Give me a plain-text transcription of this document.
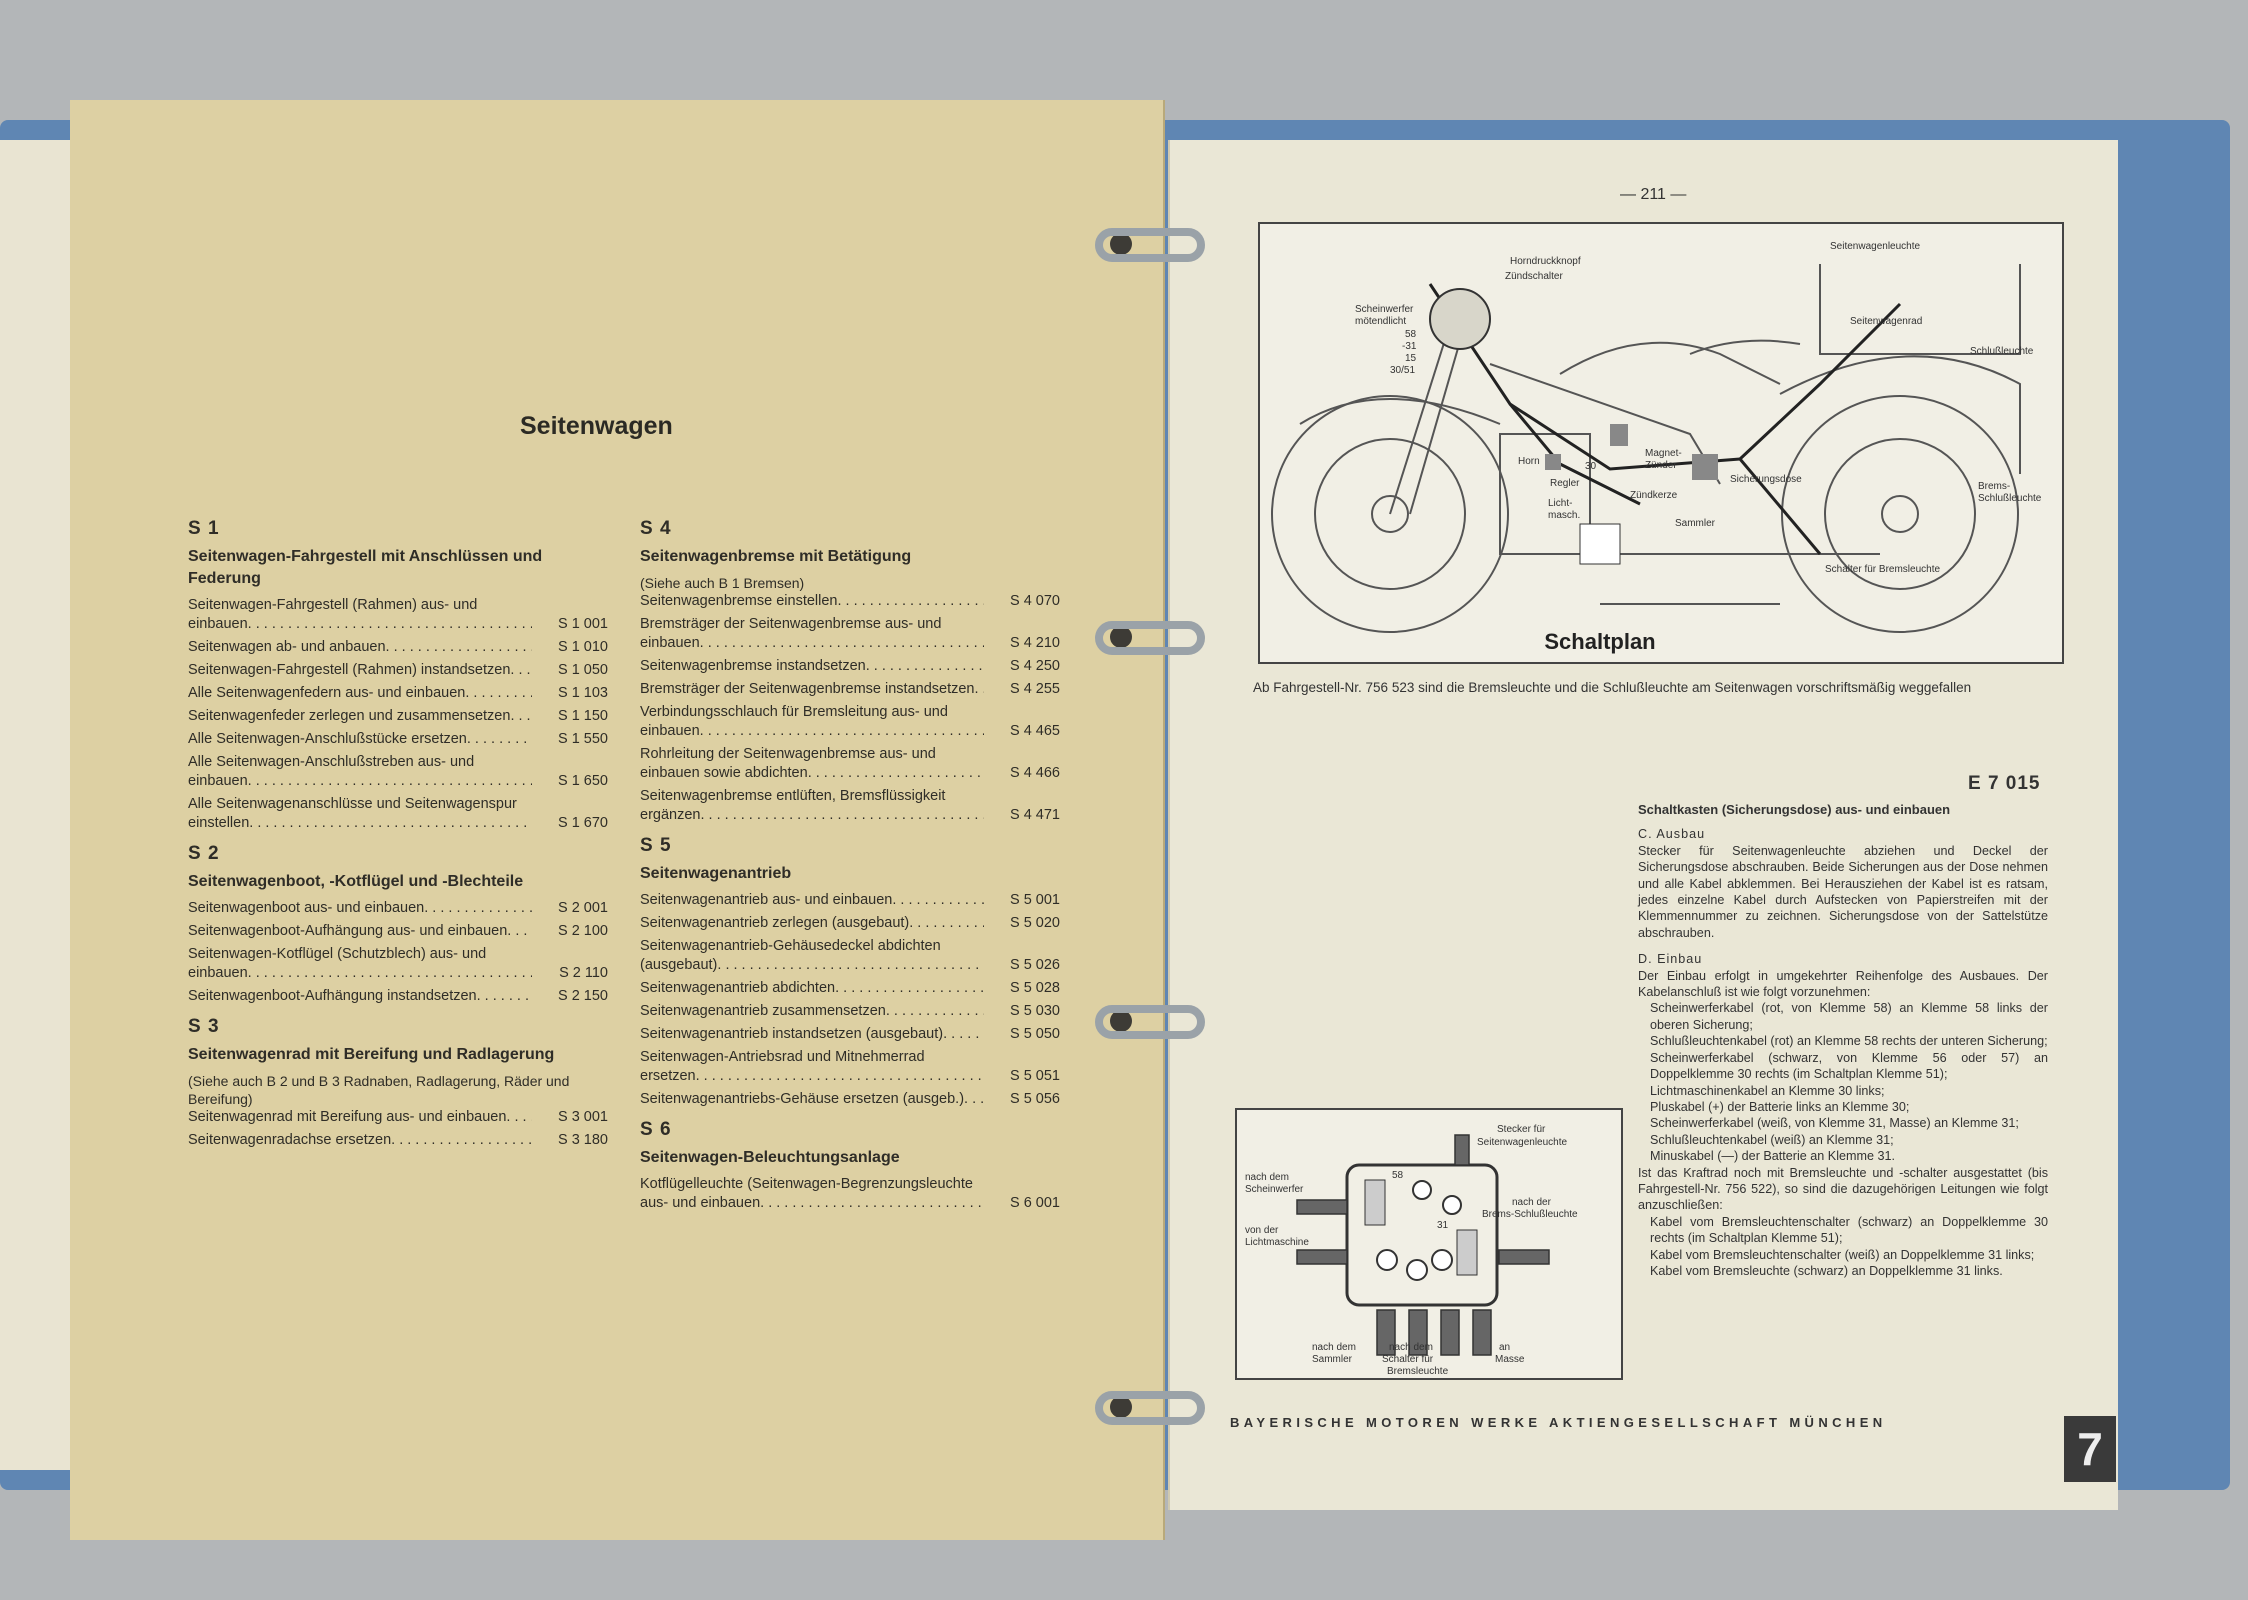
Seitenwagen
S 1
Seitenwagen-Fahrgestell mit Anschlüssen und Federung
Seitenwagen-Fahrgestell (Rahmen) aus- und einbauen . . .	S 1 001
Seitenwagen ab- und anbauen . . .	S 1 010
Seitenwagen-Fahrgestell (Rahmen) instandsetzen . . .	S 1 050
Alle Seitenwagenfedern aus- und einbauen . . .	S 1 103
Seitenwagenfeder zerlegen und zusammensetzen . . .	S 1 150
Alle Seitenwagen-Anschlußstücke ersetzen . . .	S 1 550
Alle Seitenwagen-Anschlußstreben aus- und einbauen . . .	S 1 650
Alle Seitenwagenanschlüsse und Seitenwagenspur einstellen . . .	S 1 670
S 2
Seitenwagenboot, -Kotflügel und -Blechteile
Seitenwagenboot aus- und einbauen . . .	S 2 001
Seitenwagenboot-Aufhängung aus- und einbauen . . .	S 2 100
Seitenwagen-Kotflügel (Schutzblech) aus- und einbauen . . .	S 2 110
Seitenwagenboot-Aufhängung instandsetzen . . .	S 2 150
S 3
Seitenwagenrad mit Bereifung und Radlagerung
(Siehe auch B 2 und B 3 Radnaben, Radlagerung, Räder und Bereifung)
Seitenwagenrad mit Bereifung aus- und einbauen . . .	S 3 001
Seitenwagenradachse ersetzen . . .	S 3 180
S 4
Seitenwagenbremse mit Betätigung
(Siehe auch B 1 Bremsen)
Seitenwagenbremse einstellen . . .	S 4 070
Bremsträger der Seitenwagenbremse aus- und einbauen . . .	S 4 210
Seitenwagenbremse instandsetzen . . .	S 4 250
Bremsträger der Seitenwagenbremse instandsetzen . . .	S 4 255
Verbindungsschlauch für Bremsleitung aus- und einbauen . . .	S 4 465
Rohrleitung der Seitenwagenbremse aus- und einbauen sowie abdichten . . .	S 4 466
Seitenwagenbremse entlüften, Bremsflüssigkeit ergänzen . . .	S 4 471
S 5
Seitenwagenantrieb
Seitenwagenantrieb aus- und einbauen . . .	S 5 001
Seitenwagenantrieb zerlegen (ausgebaut) . . .	S 5 020
Seitenwagenantrieb-Gehäusedeckel abdichten (ausgebaut) . . .	S 5 026
Seitenwagenantrieb abdichten . . .	S 5 028
Seitenwagenantrieb zusammensetzen . . .	S 5 030
Seitenwagenantrieb instandsetzen (ausgebaut) . . .	S 5 050
Seitenwagen-Antriebsrad und Mitnehmerrad ersetzen . . .	S 5 051
Seitenwagenantriebs-Gehäuse ersetzen (ausgeb.) . . .	S 5 056
S 6
Seitenwagen-Beleuchtungsanlage
Kotflügelleuchte (Seitenwagen-Begrenzungsleuchte aus- und einbauen . . .	S 6 001
— 211 —
Schaltplan
Horndruckknopf
Zündschalter
Scheinwerfer
mötendlicht
58
-31
15
30/51
Horn
Regler
30
Magnet-
Zünder
Licht-
masch.
Zündkerze
Sammler
Sicherungsdose
Schalter für Bremsleuchte
Seitenwagenleuchte
Seitenwagenrad
Schlußleuchte
Brems-
Schlußleuchte
Ab Fahrgestell-Nr. 756 523 sind die Bremsleuchte und die Schlußleuchte am Seitenwagen vorschriftsmäßig weggefallen
E 7 015
Schaltkasten (Sicherungsdose) aus- und einbauen
C. Ausbau

Stecker für Seitenwagenleuchte abziehen und Deckel der Sicherungsdose abschrauben. Beide Sicherungen aus der Dose nehmen und alle Kabel abklemmen. Bei Herausziehen der Kabel ist es ratsam, jedes einzelne Kabel durch Aufstecken von Papierstreifen mit der Klemmennummer zu zeichnen. Sicherungsdose von der Sattelstütze abschrauben.

D. Einbau

Der Einbau erfolgt in umgekehrter Reihenfolge des Ausbaues. Der Kabelanschluß ist wie folgt vorzunehmen:

Scheinwerferkabel (rot, von Klemme 58) an Klemme 58 links der oberen Sicherung;

Schlußleuchtenkabel (rot) an Klemme 58 rechts der unteren Sicherung;

Scheinwerferkabel (schwarz, von Klemme 56 oder 57) an Doppelklemme 30 rechts (im Schaltplan Klemme 51);

Lichtmaschinenkabel an Klemme 30 links;

Pluskabel (+) der Batterie links an Klemme 30;

Scheinwerferkabel (weiß, von Klemme 31, Masse) an Klemme 31;

Schlußleuchtenkabel (weiß) an Klemme 31;

Minuskabel (—) der Batterie an Klemme 31.

Ist das Kraftrad noch mit Bremsleuchte und -schalter ausgestattet (bis Fahrgestell-Nr. 756 522), so sind die dazugehörigen Leitungen wie folgt anzuschließen:

Kabel vom Bremsleuchtenschalter (schwarz) an Doppelklemme 30 rechts (im Schaltplan Klemme 51);

Kabel vom Bremsleuchtenschalter (weiß) an Doppelklemme 31 links;

Kabel vom Bremsleuchte (schwarz) an Doppelklemme 31 links.

Stecker für
Seitenwagenleuchte
nach dem
Scheinwerfer
von der
Lichtmaschine
nach der
Brems-Schlußleuchte
nach dem
Sammler
nach dem
Schalter für
Bremsleuchte
an
Masse
58
31
BAYERISCHE MOTOREN WERKE AKTIENGESELLSCHAFT MÜNCHEN
7
